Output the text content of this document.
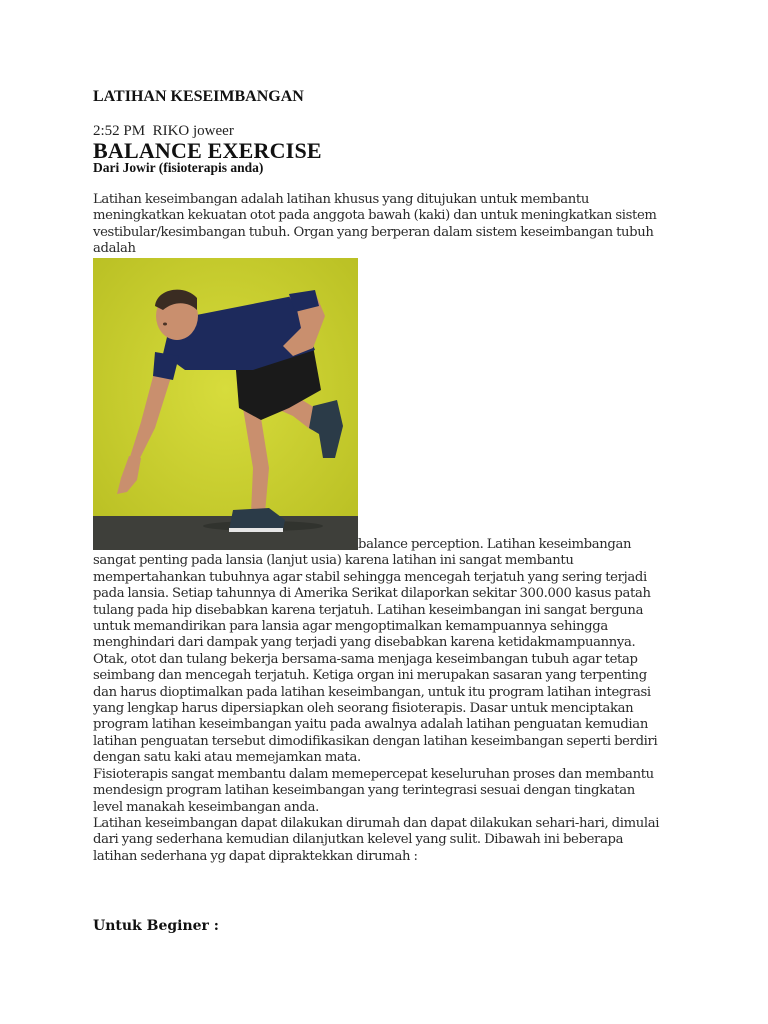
LATIHAN KESEIMBANGAN
2:52 PM  RIKO joweer
BALANCE EXERCISE
Dari Jowir (fisioterapis anda)
Latihan keseimbangan adalah latihan khusus yang ditujukan untuk membantu meningkatkan kekuatan otot pada anggota bawah (kaki) dan untuk meningkatkan sistem vestibular/kesimbangan tubuh. Organ yang berperan dalam sistem keseimbangan tubuh adalah

balance perception. Latihan keseimbangan sangat penting pada lansia (lanjut usia) karena latihan ini sangat membantu mempertahankan tubuhnya agar stabil sehingga mencegah terjatuh yang sering terjadi pada lansia. Setiap tahunnya di Amerika Serikat dilaporkan sekitar 300.000 kasus patah tulang pada hip disebabkan karena terjatuh. Latihan keseimbangan ini sangat berguna untuk memandirikan para lansia agar mengoptimalkan kemampuannya sehingga menghindari dari dampak yang terjadi yang disebabkan karena ketidakmampuannya.

Otak, otot dan tulang bekerja bersama-sama menjaga keseimbangan tubuh agar tetap seimbang dan mencegah terjatuh. Ketiga organ ini merupakan sasaran yang terpenting dan harus dioptimalkan pada latihan keseimbangan, untuk itu program latihan integrasi yang lengkap harus dipersiapkan oleh seorang fisioterapis. Dasar untuk menciptakan program latihan keseimbangan yaitu pada awalnya adalah latihan penguatan kemudian latihan penguatan tersebut dimodifikasikan dengan latihan keseimbangan seperti berdiri dengan satu kaki atau memejamkan mata.

Fisioterapis sangat membantu dalam memepercepat keseluruhan proses dan membantu mendesign program latihan keseimbangan yang terintegrasi sesuai dengan tingkatan level manakah keseimbangan anda.

Latihan keseimbangan dapat dilakukan dirumah dan dapat dilakukan sehari-hari, dimulai dari yang sederhana kemudian dilanjutkan kelevel yang sulit. Dibawah ini beberapa latihan sederhana yg dapat dipraktekkan dirumah :

Untuk Beginer :
